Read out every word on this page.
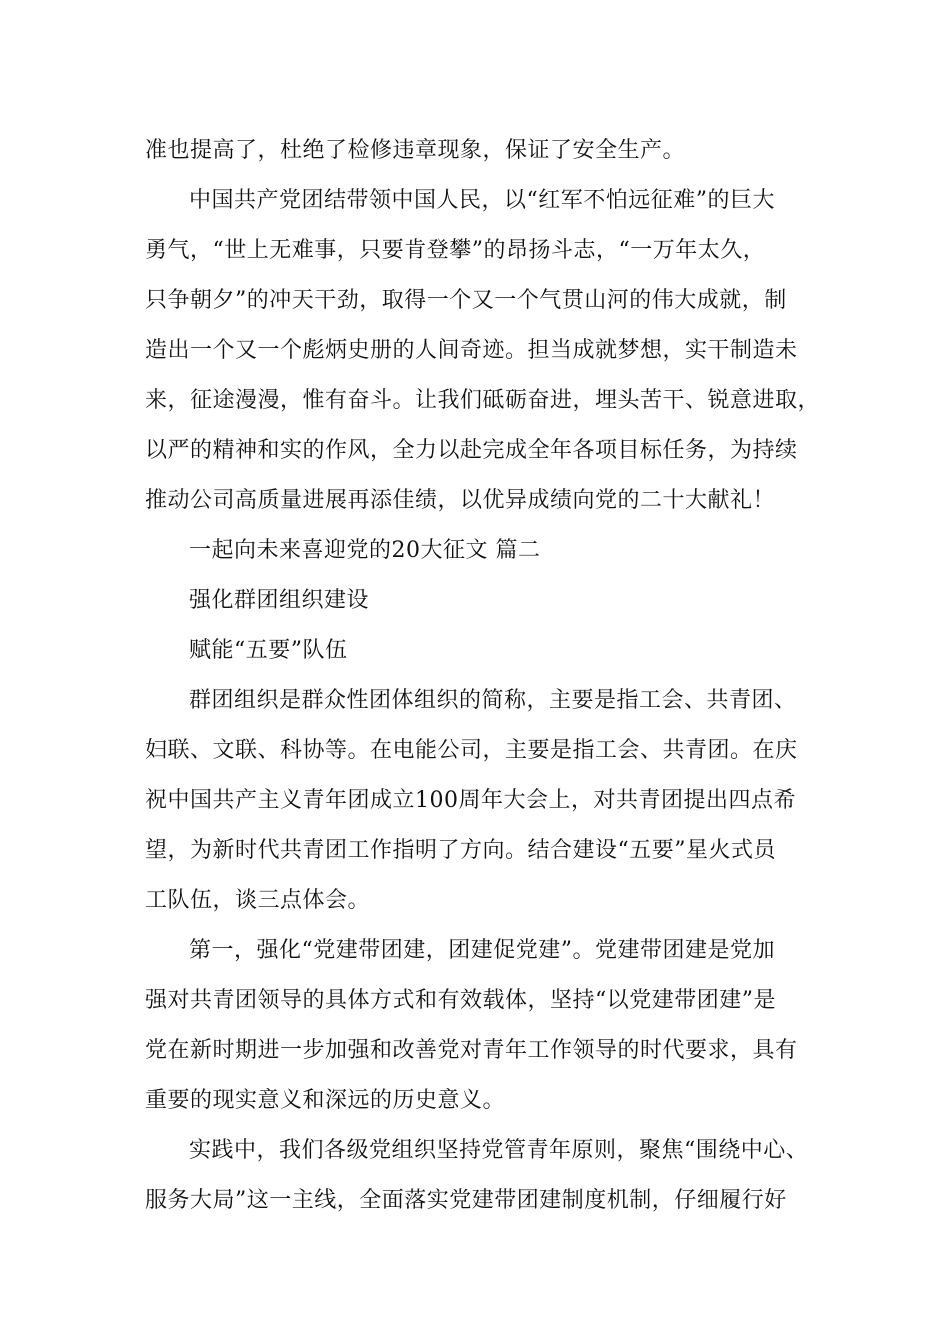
准也提高了，杜绝了检修违章现象，保证了安全生产。
中国共产党团结带领中国人民，以“红军不怕远征难”的巨大
勇气，“世上无难事，只要肯登攀”的昂扬斗志，“一万年太久，
只争朝夕”的冲天干劲，取得一个又一个气贯山河的伟大成就，制
造出一个又一个彪炳史册的人间奇迹。担当成就梦想，实干制造未
来，征途漫漫，惟有奋斗。让我们砥砺奋进，埋头苦干、锐意进取，
以严的精神和实的作风，全力以赴完成全年各项目标任务，为持续
推动公司高质量进展再添佳绩，以优异成绩向党的二十大献礼！
一起向未来喜迎党的20大征文 篇二
强化群团组织建设
赋能“五要”队伍
群团组织是群众性团体组织的简称，主要是指工会、共青团、
妇联、文联、科协等。在电能公司，主要是指工会、共青团。在庆
祝中国共产主义青年团成立100周年大会上，对共青团提出四点希
望，为新时代共青团工作指明了方向。结合建设“五要”星火式员
工队伍，谈三点体会。
第一，强化“党建带团建，团建促党建”。党建带团建是党加
强对共青团领导的具体方式和有效载体，坚持“以党建带团建”是
党在新时期进一步加强和改善党对青年工作领导的时代要求，具有
重要的现实意义和深远的历史意义。
实践中，我们各级党组织坚持党管青年原则，聚焦“围绕中心、
服务大局”这一主线，全面落实党建带团建制度机制，仔细履行好
